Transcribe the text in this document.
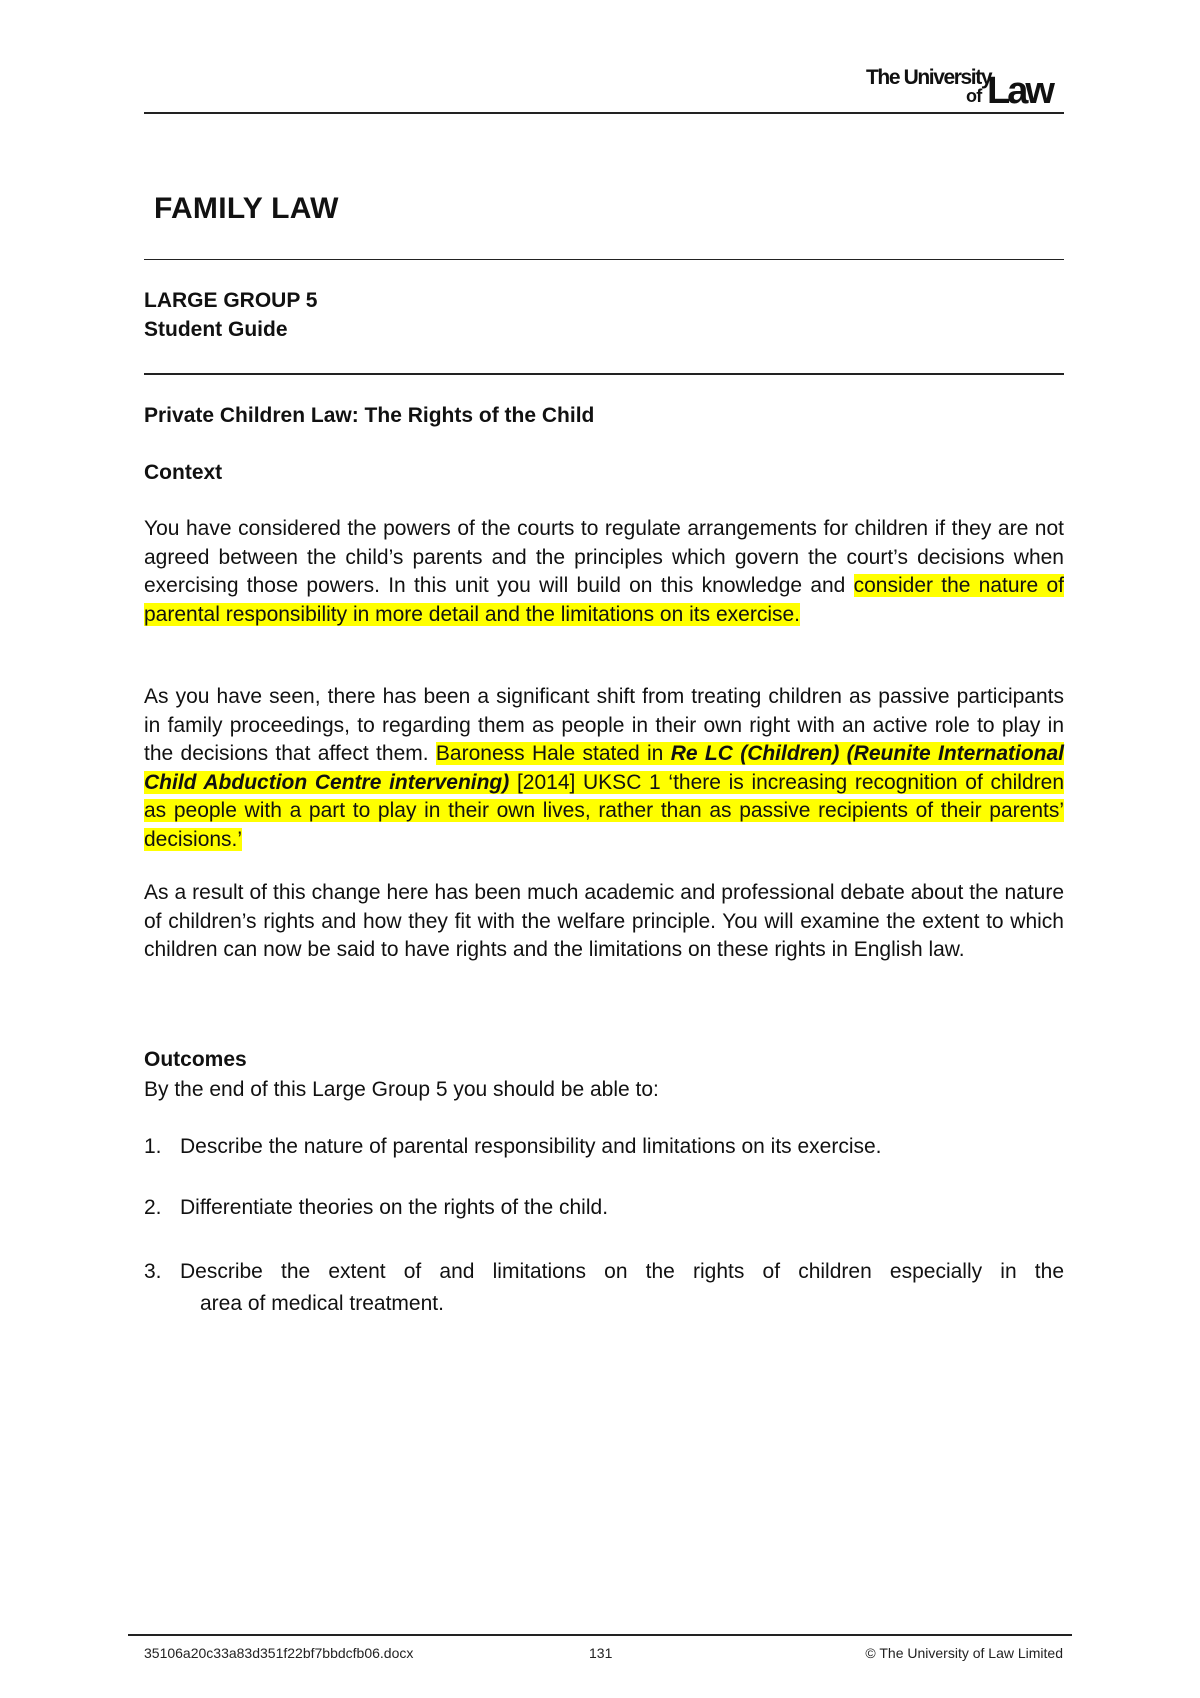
The University
of Law
FAMILY LAW
LARGE GROUP 5
Student Guide
Private Children Law: The Rights of the Child
Context

You have considered the powers of the courts to regulate arrangements for children if they are not agreed between the child’s parents and the principles which govern the court’s decisions when exercising those powers. In this unit you will build on this knowledge and consider the nature of parental responsibility in more detail and the limitations on its exercise.

As you have seen, there has been a significant shift from treating children as passive participants in family proceedings, to regarding them as people in their own right with an active role to play in the decisions that affect them. Baroness Hale stated in Re LC (Children) (Reunite International Child Abduction Centre intervening) [2014] UKSC 1 ‘there is increasing recognition of children as people with a part to play in their own lives, rather than as passive recipients of their parents’ decisions.’

As a result of this change here has been much academic and professional debate about the nature of children’s rights and how they fit with the welfare principle. You will examine the extent to which children can now be said to have rights and the limitations on these rights in English law.

Outcomes
By the end of this Large Group 5 you should be able to:
1. Describe the nature of parental responsibility and limitations on its exercise.
2. Differentiate theories on the rights of the child.
3. Describe the extent of and limitations on the rights of children especially in the
area of medical treatment.
35106a20c33a83d351f22bf7bbdcfb06.docx	131	© The University of Law Limited
